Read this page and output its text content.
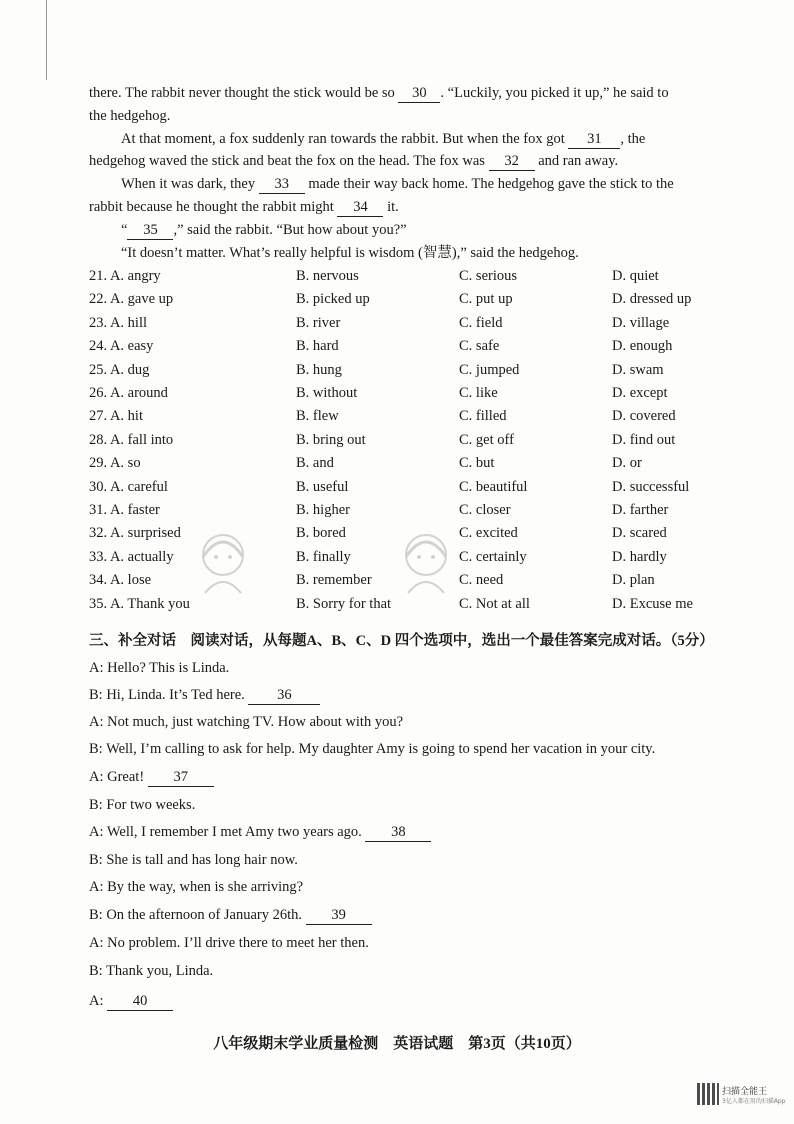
there. The rabbit never thought the stick would be so 30 . “Luckily, you picked it up,” he said to
the hedgehog.
At that moment, a fox suddenly ran towards the rabbit. But when the fox got 31 , the
hedgehog waved the stick and beat the fox on the head. The fox was 32 and ran away.
When it was dark, they 33 made their way back home. The hedgehog gave the stick to the
rabbit because he thought the rabbit might 34 it.
“ 35 ,” said the rabbit. “But how about you?”
“It doesn’t matter. What’s really helpful is wisdom (智慧),” said the hedgehog.
21. A. angry	B. nervous	C. serious	D. quiet
22. A. gave up	B. picked up	C. put up	D. dressed up
23. A. hill	B. river	C. field	D. village
24. A. easy	B. hard	C. safe	D. enough
25. A. dug	B. hung	C. jumped	D. swam
26. A. around	B. without	C. like	D. except
27. A. hit	B. flew	C. filled	D. covered
28. A. fall into	B. bring out	C. get off	D. find out
29. A. so	B. and	C. but	D. or
30. A. careful	B. useful	C. beautiful	D. successful
31. A. faster	B. higher	C. closer	D. farther
32. A. surprised	B. bored	C. excited	D. scared
33. A. actually	B. finally	C. certainly	D. hardly
34. A. lose	B. remember	C. need	D. plan
35. A. Thank you	B. Sorry for that	C. Not at all	D. Excuse me
三、补全对话　阅读对话，从每题A、B、C、D 四个选项中，选出一个最佳答案完成对话。（5分）
A: Hello? This is Linda.
B: Hi, Linda. It’s Ted here. 36
A: Not much, just watching TV. How about with you?
B: Well, I’m calling to ask for help. My daughter Amy is going to spend her vacation in your city.
A: Great! 37
B: For two weeks.
A: Well, I remember I met Amy two years ago. 38
B: She is tall and has long hair now.
A: By the way, when is she arriving?
B: On the afternoon of January 26th. 39
A: No problem. I’ll drive there to meet her then.
B: Thank you, Linda.
A: 40
八年级期末学业质量检测　英语试题　第3页（共10页）
扫描全能王
3亿人都在用的扫描App
